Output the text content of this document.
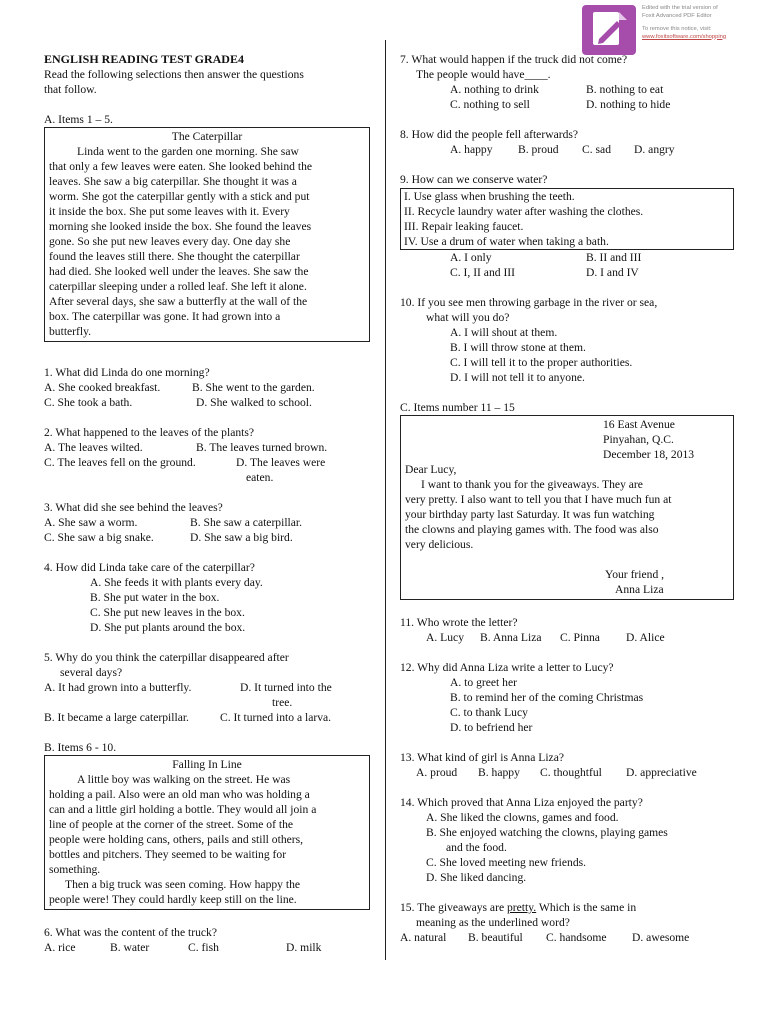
Edited with the trial version of
Foxit Advanced PDF Editor
To remove this notice, visit:
www.foxitsoftware.com/shopping

ENGLISH READING TEST GRADE4

Read the following selections then answer the questions

that follow.

A. Items 1 – 5.

The Caterpillar

Linda went to the garden one morning. She saw

that only a few leaves were eaten. She looked behind the

leaves. She saw a big caterpillar. She thought it was a

worm. She got the caterpillar gently with a stick and put

it inside the box. She put some leaves with it. Every

morning she looked inside the box. She found the leaves

gone. So she put new leaves every day. One day she

found the leaves still there. She thought the caterpillar

had died. She looked well under the leaves. She saw the

caterpillar sleeping under a rolled leaf. She left it alone.

After several days, she saw a butterfly at the wall of the

box. The caterpillar was gone. It had grown into a

butterfly.

1. What did Linda do one morning?

A. She cooked breakfast.	B. She went to the garden.
C. She took a bath.	D. She walked to school.

2. What happened to the leaves of the plants?

A. The leaves wilted.	B. The leaves turned brown.
C. The leaves fell on the ground.	D. The leaves were
eaten.

3. What did she see behind the leaves?

A. She saw a worm.	B. She saw a caterpillar.
C. She saw a big snake.	D. She saw a big bird.

4. How did Linda take care of the caterpillar?

A. She feeds it with plants every day.

B. She put water in the box.

C. She put new leaves in the box.

D. She put plants around the box.

5. Why do you think the caterpillar disappeared after

several days?

A. It had grown into a butterfly.	D. It turned into the
tree.
B. It became a large caterpillar.	C. It turned into a larva.

B. Items 6 - 10.

Falling In Line

A little boy was walking on the street. He was

holding a pail. Also were an old man who was holding a

can and a little girl holding a bottle. They would all join a

line of people at the corner of the street. Some of the

people were holding cans, others, pails and still others,

bottles and pitchers. They seemed to be waiting for

something.

Then a big truck was seen coming. How happy the

people were! They could hardly keep still on the line.

6. What was the content of the truck?

A. rice	B. water	C. fish	D. milk

7. What would happen if the truck did not come?

The people would have____.

A. nothing to drink	B. nothing to eat
C. nothing to sell	D. nothing to hide

8. How did the people fell afterwards?

A. happy	B. proud	C. sad	D. angry

9. How can we conserve water?

I. Use glass when brushing the teeth.

II. Recycle laundry water after washing the clothes.

III. Repair leaking faucet.

IV. Use a drum of water when taking a bath.

A. I only	B. II and III
C. I, II and III	D. I and IV

10. If you see men throwing garbage in the river or sea,

what will you do?

A. I will shout at them.

B. I will throw stone at them.

C. I will tell it to the proper authorities.

D. I will not tell it to anyone.

C. Items number 11 – 15

16 East Avenue

Pinyahan, Q.C.

December 18, 2013

Dear Lucy,

I want to thank you for the giveaways. They are

very pretty. I also want to tell you that I have much fun at

your birthday party last Saturday. It was fun watching

the clowns and playing games with. The food was also

very delicious.

Your friend ,

Anna Liza

11. Who wrote the letter?

A. Lucy	B. Anna Liza	C. Pinna	D. Alice

12. Why did Anna Liza write a letter to Lucy?

A. to greet her

B. to remind her of the coming Christmas

C. to thank Lucy

D. to befriend her

13. What kind of girl is Anna Liza?

A. proud	B. happy	C. thoughtful	D. appreciative

14. Which proved that Anna Liza enjoyed the party?

A. She liked the clowns, games and food.

B. She enjoyed watching the clowns, playing games

and the food.

C. She loved meeting new friends.

D. She liked dancing.

15. The giveaways are pretty. Which is the same in

meaning as the underlined word?

A. natural	B. beautiful	C. handsome	D. awesome
